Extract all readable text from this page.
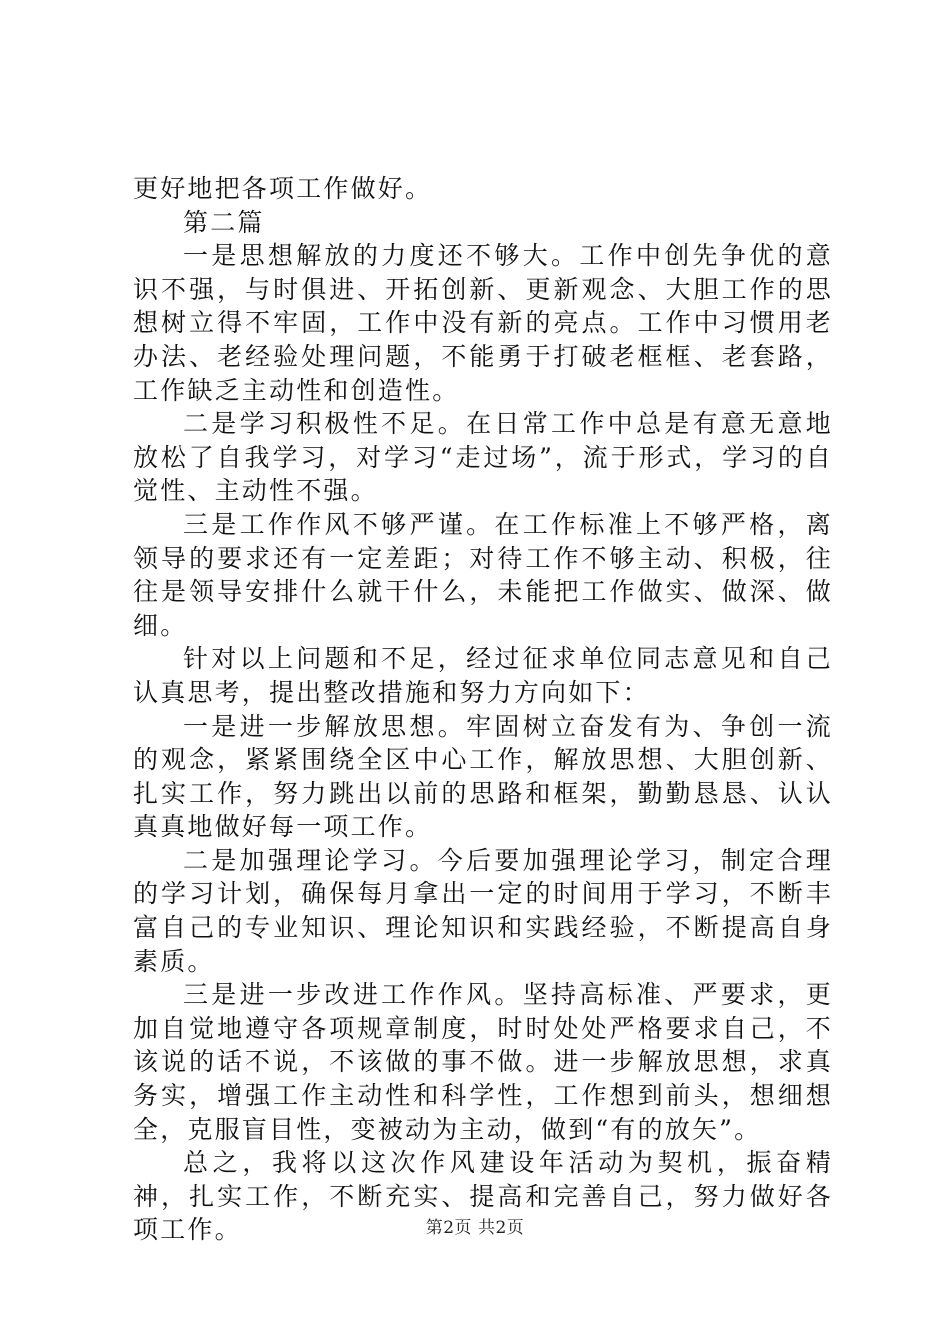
更好地把各项工作做好。

第二篇

一是思想解放的力度还不够大。工作中创先争优的意识不强，与时俱进、开拓创新、更新观念、大胆工作的思想树立得不牢固，工作中没有新的亮点。工作中习惯用老办法、老经验处理问题，不能勇于打破老框框、老套路，工作缺乏主动性和创造性。

二是学习积极性不足。在日常工作中总是有意无意地放松了自我学习，对学习“走过场”，流于形式，学习的自觉性、主动性不强。

三是工作作风不够严谨。在工作标准上不够严格，离领导的要求还有一定差距；对待工作不够主动、积极，往往是领导安排什么就干什么，未能把工作做实、做深、做细。

针对以上问题和不足，经过征求单位同志意见和自己认真思考，提出整改措施和努力方向如下：

一是进一步解放思想。牢固树立奋发有为、争创一流的观念，紧紧围绕全区中心工作，解放思想、大胆创新、扎实工作，努力跳出以前的思路和框架，勤勤恳恳、认认真真地做好每一项工作。

二是加强理论学习。今后要加强理论学习，制定合理的学习计划，确保每月拿出一定的时间用于学习，不断丰富自己的专业知识、理论知识和实践经验，不断提高自身素质。

三是进一步改进工作作风。坚持高标准、严要求，更加自觉地遵守各项规章制度，时时处处严格要求自己，不该说的话不说，不该做的事不做。进一步解放思想，求真务实，增强工作主动性和科学性，工作想到前头，想细想全，克服盲目性，变被动为主动，做到“有的放矢”。

总之，我将以这次作风建设年活动为契机，振奋精神，扎实工作，不断充实、提高和完善自己，努力做好各项工作。	第2页 共2页
